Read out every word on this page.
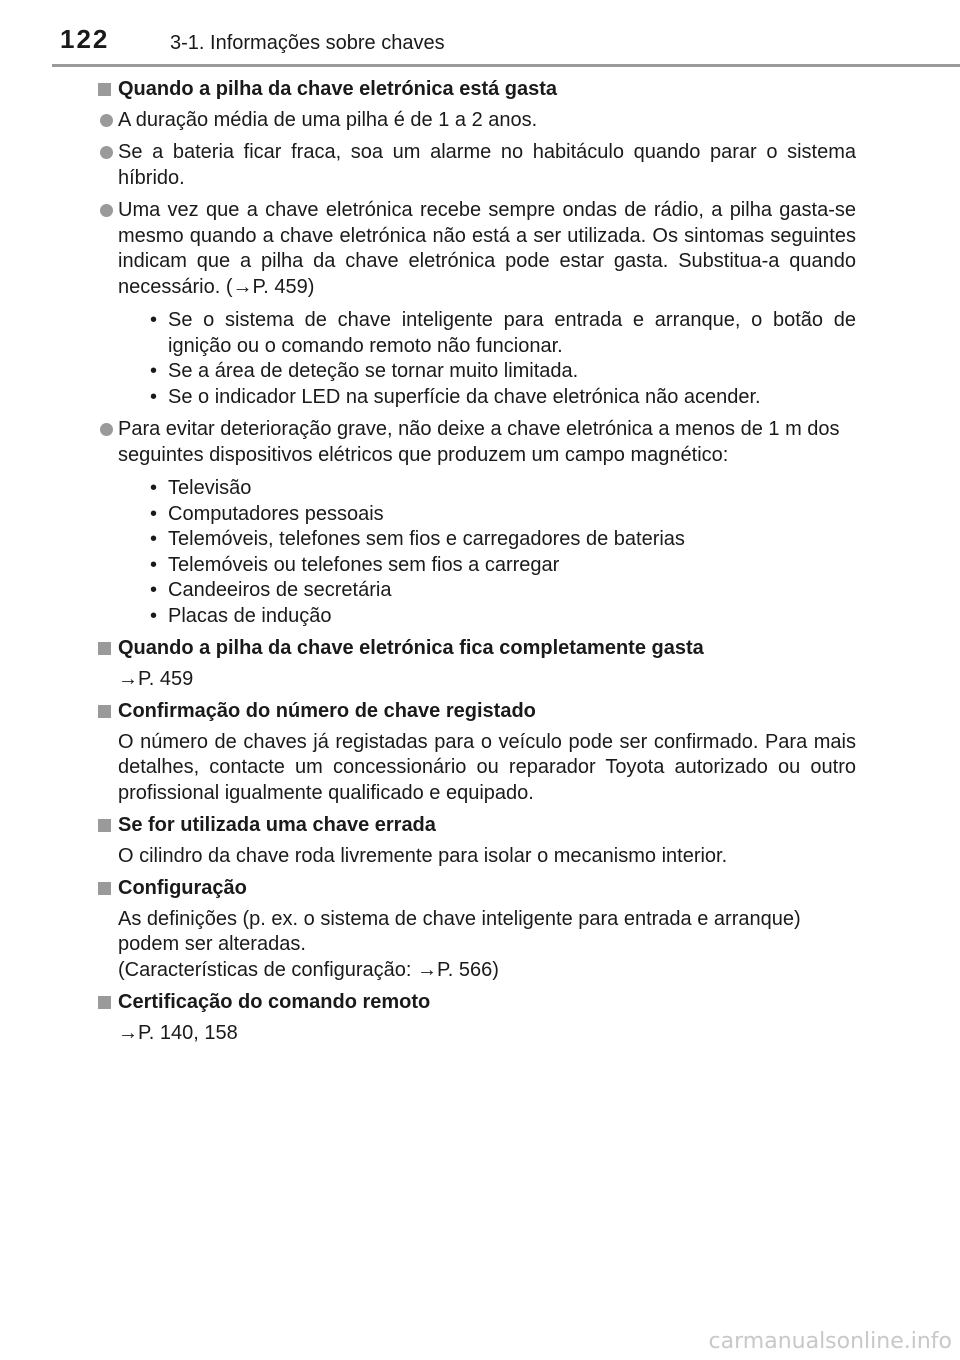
122	3-1. Informações sobre chaves
Quando a pilha da chave eletrónica está gasta
A duração média de uma pilha é de 1 a 2 anos.
Se a bateria ficar fraca, soa um alarme no habitáculo quando parar o sistema híbrido.
Uma vez que a chave eletrónica recebe sempre ondas de rádio, a pilha gasta-se mesmo quando a chave eletrónica não está a ser utilizada. Os sintomas seguintes indicam que a pilha da chave eletrónica pode estar gasta. Substitua-a quando necessário. (→P. 459)
• Se o sistema de chave inteligente para entrada e arranque, o botão de ignição ou o comando remoto não funcionar.
• Se a área de deteção se tornar muito limitada.
• Se o indicador LED na superfície da chave eletrónica não acender.
Para evitar deterioração grave, não deixe a chave eletrónica a menos de 1 m dos seguintes dispositivos elétricos que produzem um campo magnético:
• Televisão
• Computadores pessoais
• Telemóveis, telefones sem fios e carregadores de baterias
• Telemóveis ou telefones sem fios a carregar
• Candeeiros de secretária
• Placas de indução
Quando a pilha da chave eletrónica fica completamente gasta
→P. 459
Confirmação do número de chave registado
O número de chaves já registadas para o veículo pode ser confirmado. Para mais detalhes, contacte um concessionário ou reparador Toyota autorizado ou outro profissional igualmente qualificado e equipado.
Se for utilizada uma chave errada
O cilindro da chave roda livremente para isolar o mecanismo interior.
Configuração
As definições (p. ex. o sistema de chave inteligente para entrada e arranque) podem ser alteradas.
(Características de configuração: →P. 566)
Certificação do comando remoto
→P. 140, 158
carmanualsonline.info
